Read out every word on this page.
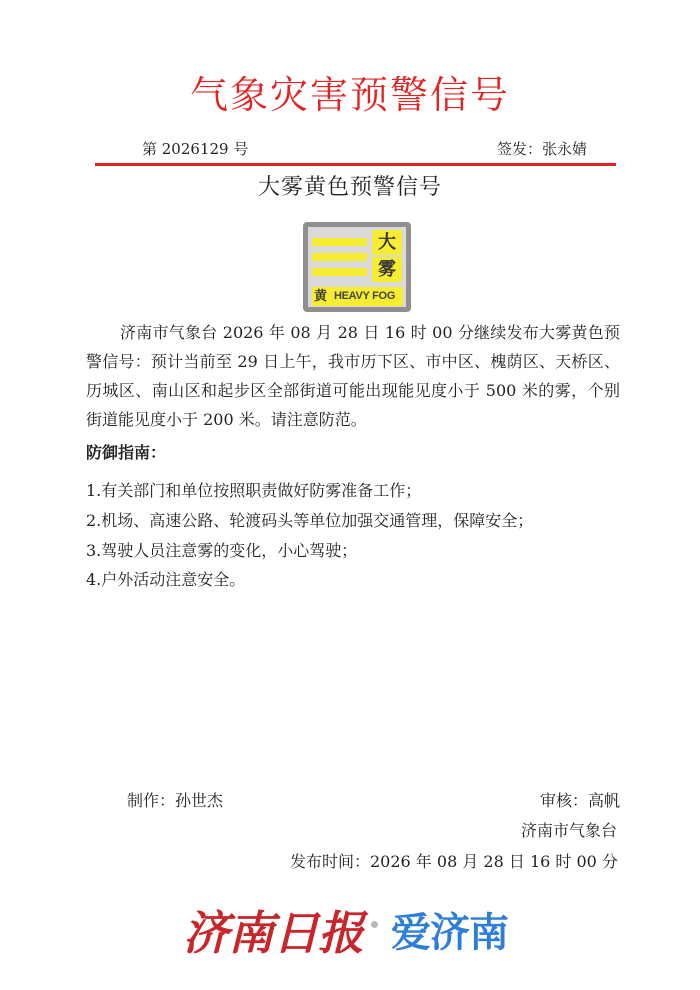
气象灾害预警信号
第 2026129 号	签发：张永婧
大雾黄色预警信号
大
雾
黄 HEAVY FOG
济南市气象台 2026 年 08 月 28 日 16 时 00 分继续发布大雾黄色预警信号：预计当前至 29 日上午，我市历下区、市中区、槐荫区、天桥区、历城区、南山区和起步区全部街道可能出现能见度小于 500 米的雾，个别街道能见度小于 200 米。请注意防范。
防御指南：
1.有关部门和单位按照职责做好防雾准备工作；
2.机场、高速公路、轮渡码头等单位加强交通管理，保障安全；
3.驾驶人员注意雾的变化，小心驾驶；
4.户外活动注意安全。
制作：孙世杰	审核：高帆
济南市气象台
发布时间：2026 年 08 月 28 日 16 时 00 分
济南日报 爱济南
